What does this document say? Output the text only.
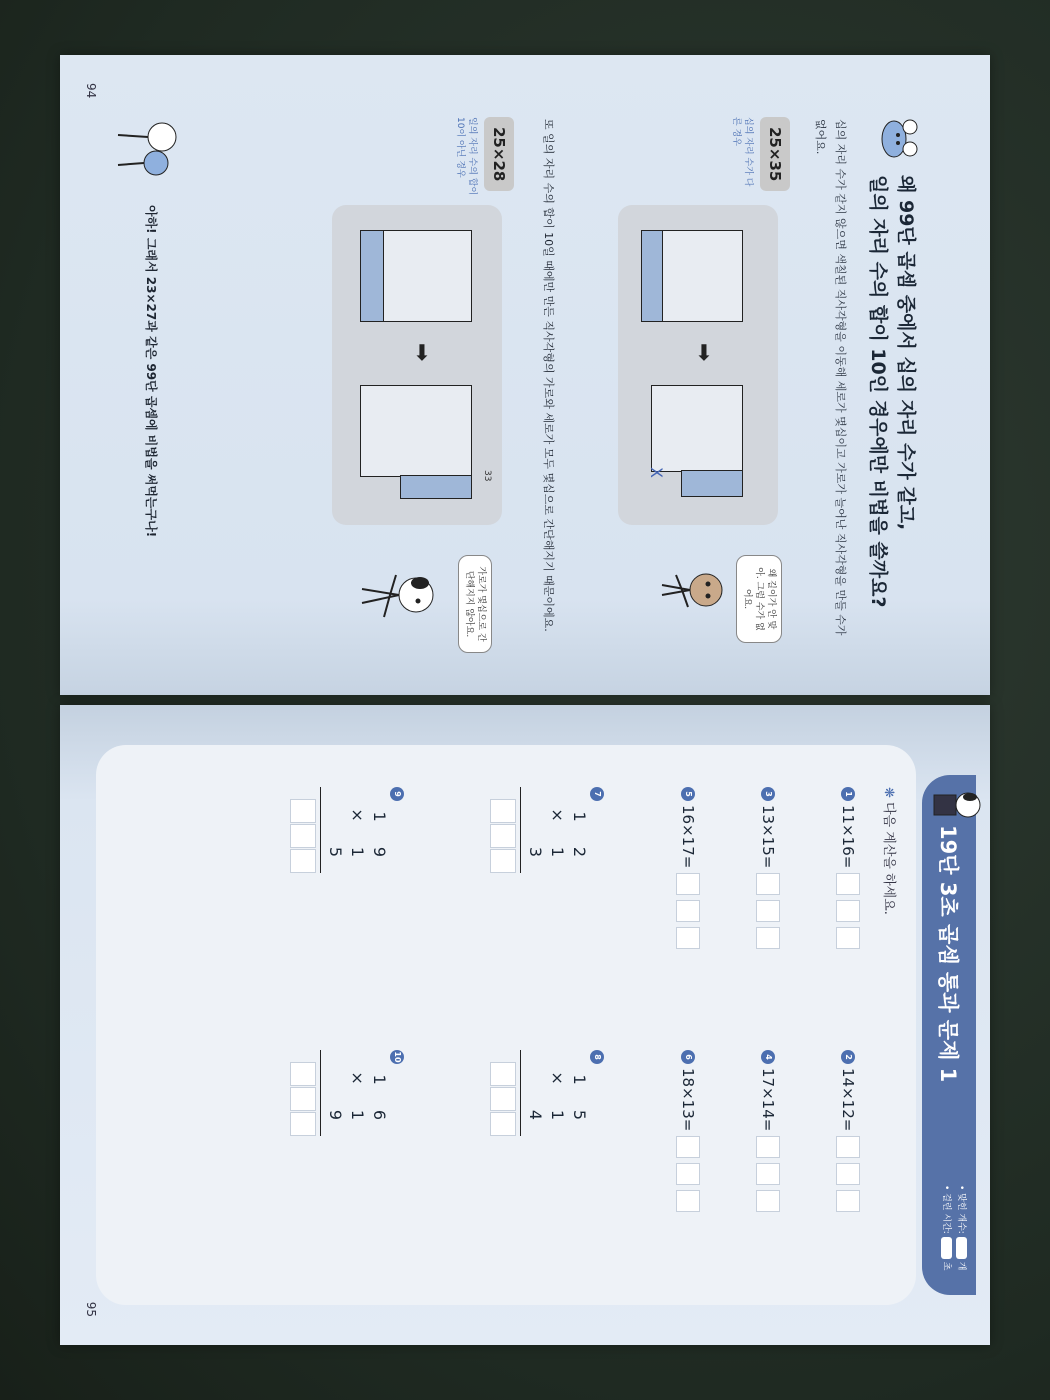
왜 99단 곱셈 중에서 십의 자리 수가 같고,
일의 자리 수의 합이 10인 경우에만 비법을 쓸까요?
십의 자리 수가 같지 않으면 색칠된 직사각형을 이동해 세로가 몇십이고 가로가 늘어난 직사각형을 만들 수가 없어요.
25×35
십의 자리 수가 다른 경우
➡
X
왜 길이가 안 맞아. 그럼 수가 없어요.
또 일의 자리 수의 합이 10일 때에만 만든 직사각형의 가로와 세로가 모두 몇십으로 간단해지기 때문이에요.
25×28
일의 자리 수의 합이 10이 아닌 경우
➡
33
가로가 몇십으로 간단해지지 않아요.
아하! 그래서 23×27과 같은 99단 곱셈에 비법을 써먹는구나!
94
19단 3초 곱셈 통과 문제 1
• 맞힌 개수: 개
• 걸린 시간: 초
❋ 다음 계산을 하세요.
1
11×16=
2
14×12=
3
13×15=
4
17×14=
5
16×17=
6
18×13=
7
1 2
× 1 3
8
1 5
× 1 4
9
1 9
× 1 5
10
1 6
× 1 9
95
